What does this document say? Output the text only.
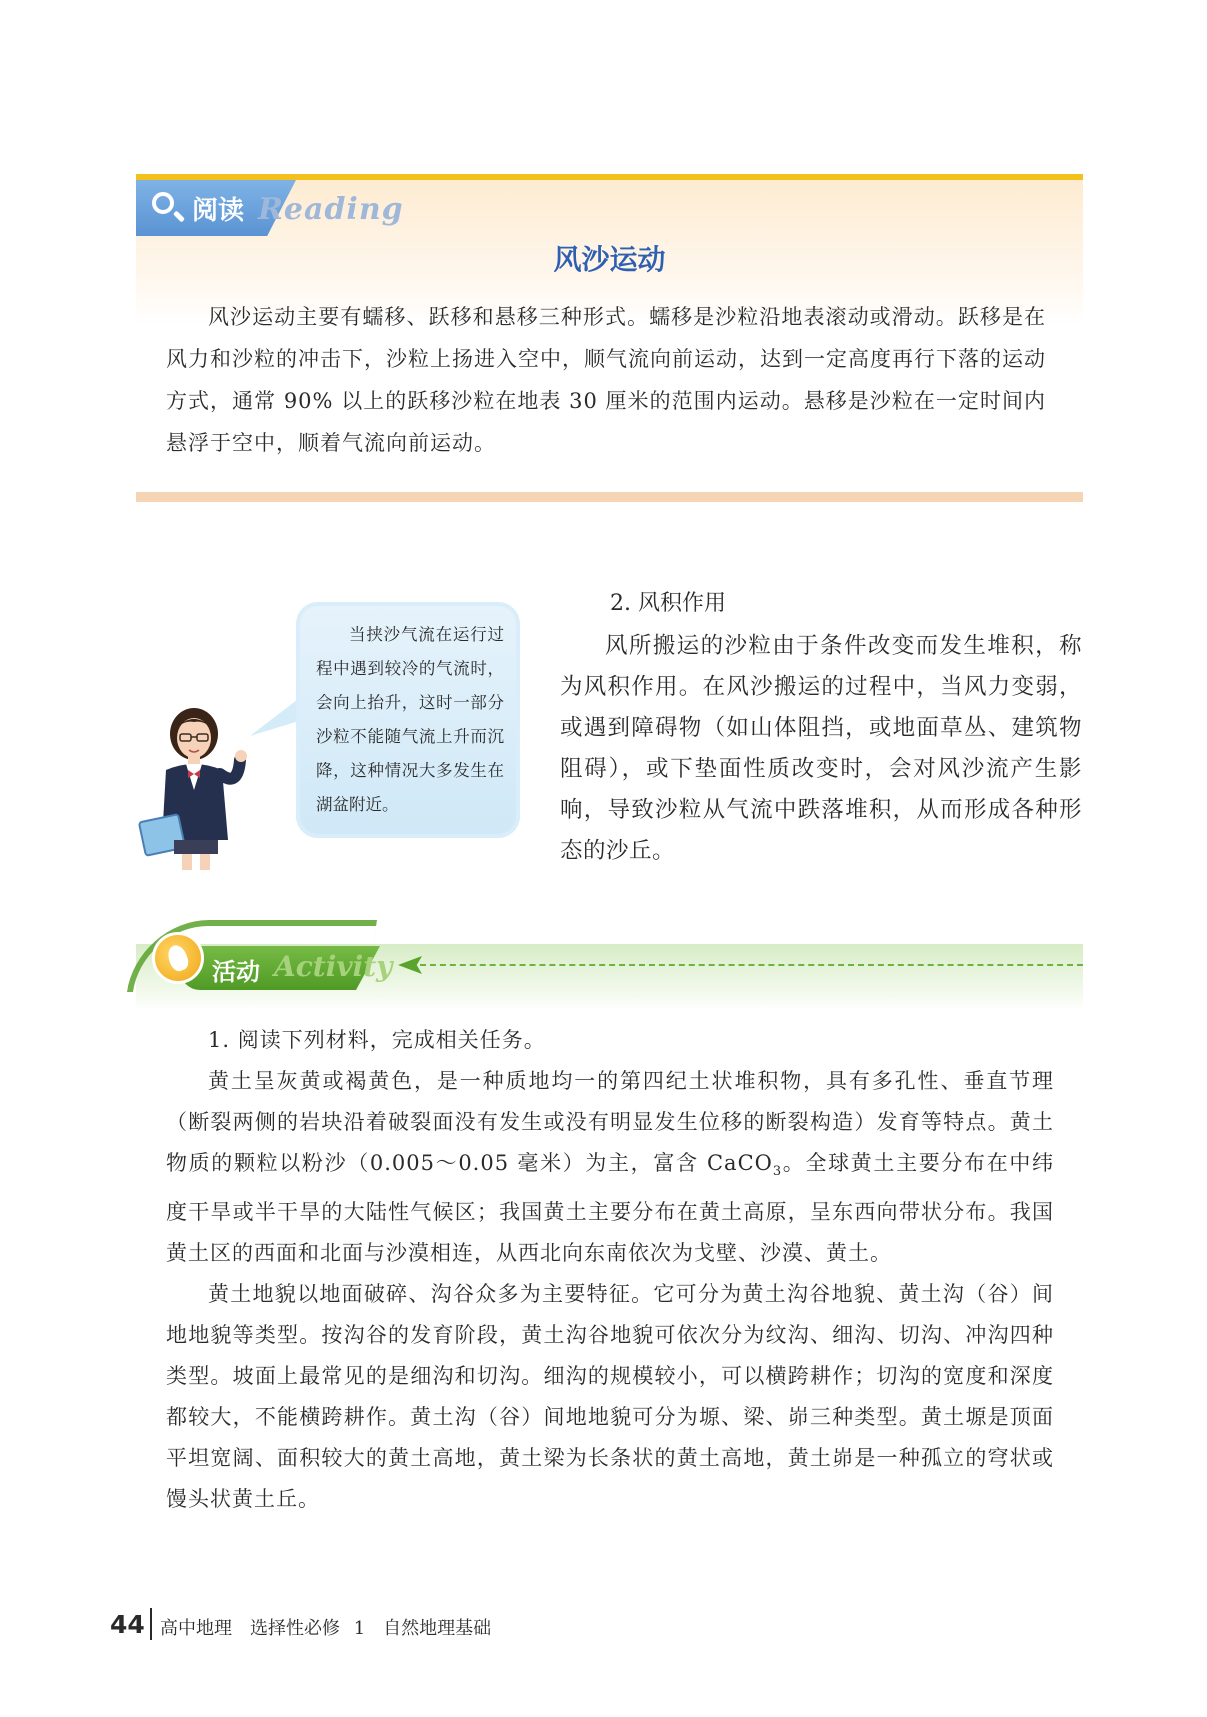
阅读 Reading
风沙运动
风沙运动主要有蠕移、跃移和悬移三种形式。蠕移是沙粒沿地表滚动或滑动。跃移是在风力和沙粒的冲击下，沙粒上扬进入空中，顺气流向前运动，达到一定高度再行下落的运动方式，通常 90% 以上的跃移沙粒在地表 30 厘米的范围内运动。悬移是沙粒在一定时间内悬浮于空中，顺着气流向前运动。
当挟沙气流在运行过程中遇到较冷的气流时，会向上抬升，这时一部分沙粒不能随气流上升而沉降，这种情况大多发生在湖盆附近。
2. 风积作用
风所搬运的沙粒由于条件改变而发生堆积，称为风积作用。在风沙搬运的过程中，当风力变弱，或遇到障碍物（如山体阻挡，或地面草丛、建筑物阻碍），或下垫面性质改变时，会对风沙流产生影响，导致沙粒从气流中跌落堆积，从而形成各种形态的沙丘。
活动 Activity

1. 阅读下列材料，完成相关任务。

黄土呈灰黄或褐黄色，是一种质地均一的第四纪土状堆积物，具有多孔性、垂直节理（断裂两侧的岩块沿着破裂面没有发生或没有明显发生位移的断裂构造）发育等特点。黄土物质的颗粒以粉沙（0.005～0.05 毫米）为主，富含 CaCO$_3$。全球黄土主要分布在中纬度干旱或半干旱的大陆性气候区；我国黄土主要分布在黄土高原，呈东西向带状分布。我国黄土区的西面和北面与沙漠相连，从西北向东南依次为戈壁、沙漠、黄土。

黄土地貌以地面破碎、沟谷众多为主要特征。它可分为黄土沟谷地貌、黄土沟（谷）间地地貌等类型。按沟谷的发育阶段，黄土沟谷地貌可依次分为纹沟、细沟、切沟、冲沟四种类型。坡面上最常见的是细沟和切沟。细沟的规模较小，可以横跨耕作；切沟的宽度和深度都较大，不能横跨耕作。黄土沟（谷）间地地貌可分为塬、梁、峁三种类型。黄土塬是顶面平坦宽阔、面积较大的黄土高地，黄土梁为长条状的黄土高地，黄土峁是一种孤立的穹状或馒头状黄土丘。

44 高中地理　选择性必修 1　自然地理基础
